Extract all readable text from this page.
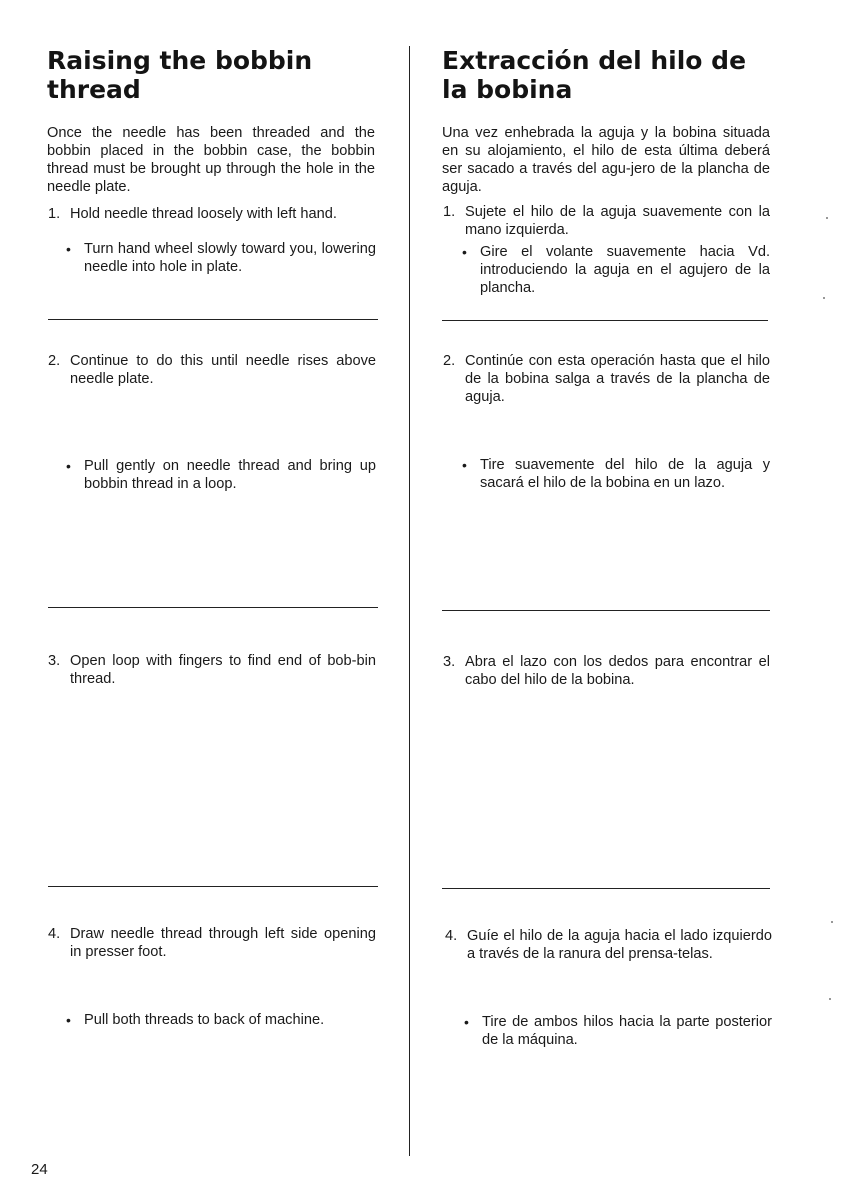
Raising the bobbin thread

Once the needle has been threaded and the bobbin placed in the bobbin case, the bobbin thread must be brought up through the hole in the needle plate.

1. Hold needle thread loosely with left hand.
• Turn hand wheel slowly toward you, lowering needle into hole in plate.
2. Continue to do this until needle rises above needle plate.
• Pull gently on needle thread and bring up bobbin thread in a loop.
3. Open loop with fingers to find end of bob-bin thread.
4. Draw needle thread through left side opening in presser foot.
• Pull both threads to back of machine.
Extracción del hilo de la bobina

Una vez enhebrada la aguja y la bobina situada en su alojamiento, el hilo de esta última deberá ser sacado a través del agu-jero de la plancha de aguja.

1. Sujete el hilo de la aguja suavemente con la mano izquierda.
• Gire el volante suavemente hacia Vd. introduciendo la aguja en el agujero de la plancha.
2. Continúe con esta operación hasta que el hilo de la bobina salga a través de la plancha de aguja.
• Tire suavemente del hilo de la aguja y sacará el hilo de la bobina en un lazo.
3. Abra el lazo con los dedos para encontrar el cabo del hilo de la bobina.
4. Guíe el hilo de la aguja hacia el lado izquierdo a través de la ranura del prensa-telas.
• Tire de ambos hilos hacia la parte posterior de la máquina.
24
